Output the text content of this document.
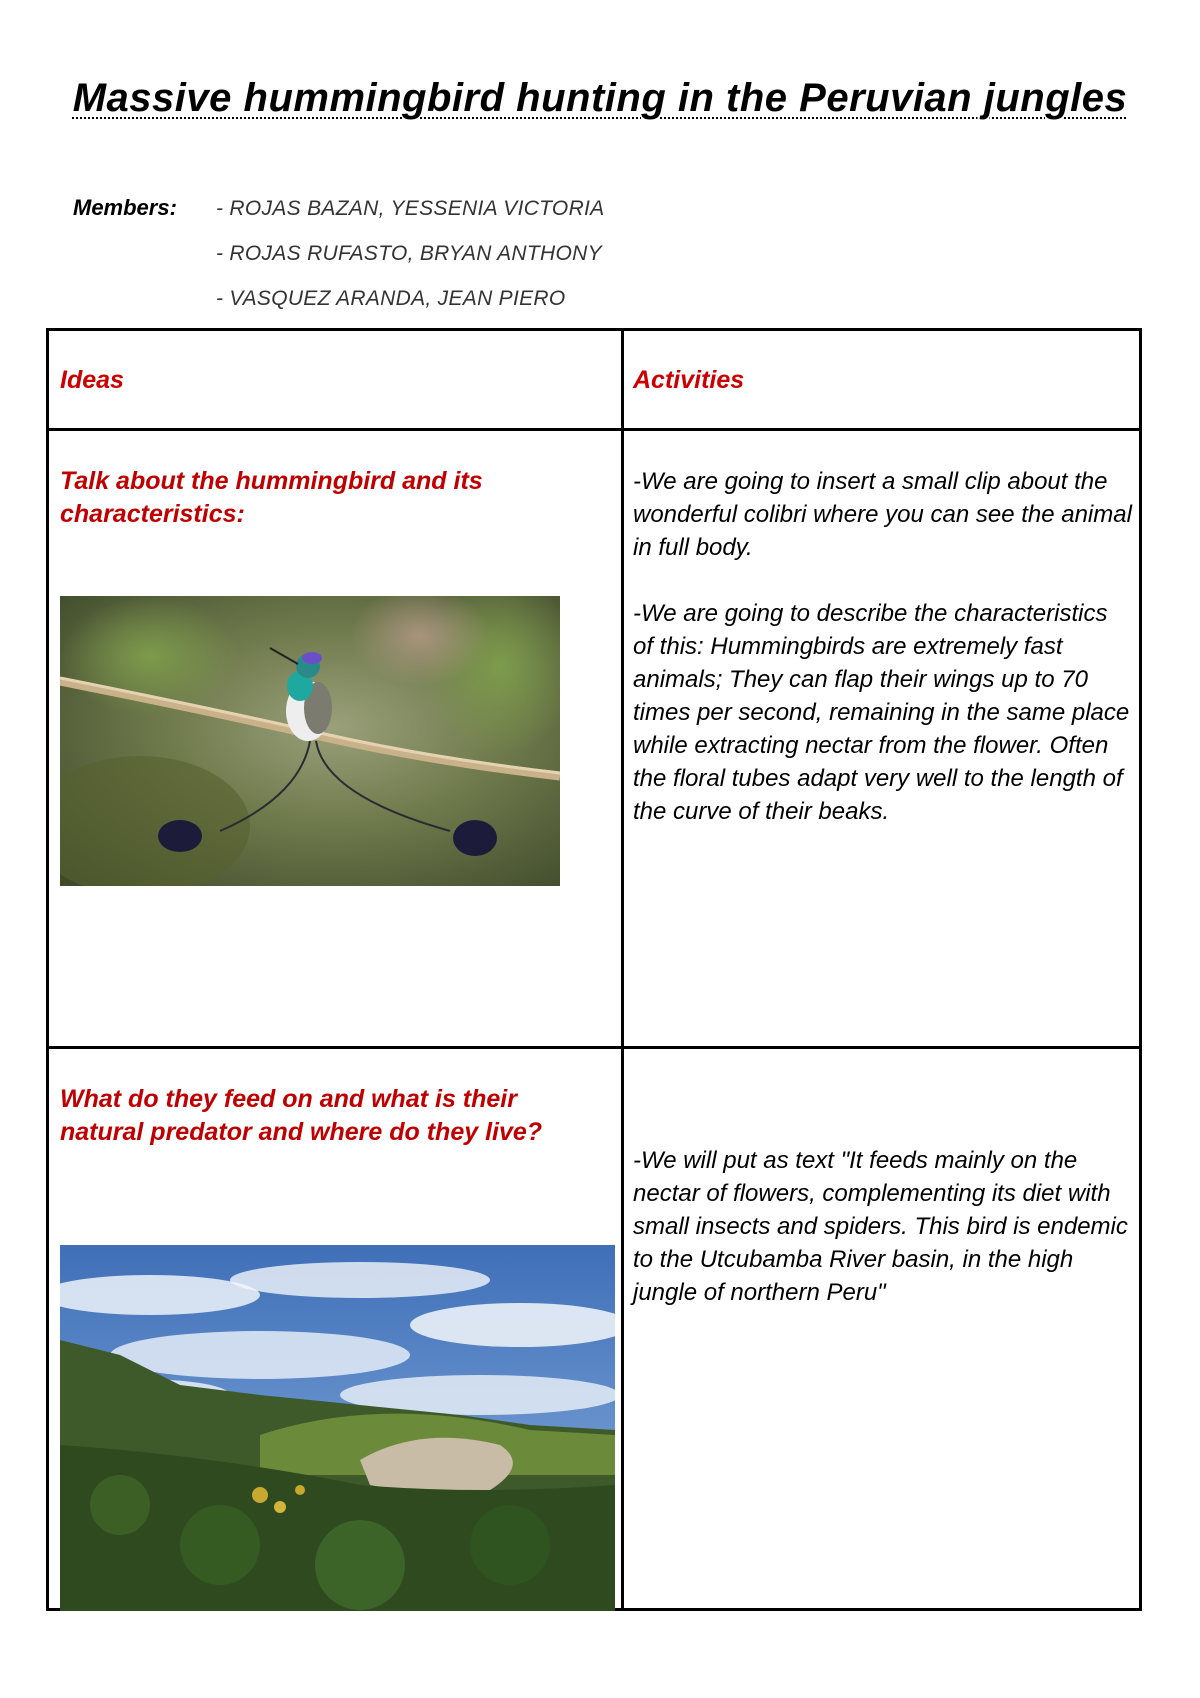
Massive hummingbird hunting in the Peruvian jungles
Members: - ROJAS BAZAN, YESSENIA VICTORIA
- ROJAS RUFASTO, BRYAN ANTHONY
- VASQUEZ ARANDA, JEAN PIERO
Ideas	Activities
Talk about the hummingbird and its characteristics:

-We are going to insert a small clip about the wonderful colibri where you can see the animal in full body.

-We are going to describe the characteristics of this: Hummingbirds are extremely fast animals; They can flap their wings up to 70 times per second, remaining in the same place while extracting nectar from the flower. Often the floral tubes adapt very well to the length of the curve of their beaks.

What do they feed on and what is their natural predator and where do they live?

-We will put as text "It feeds mainly on the nectar of flowers, complementing its diet with small insects and spiders. This bird is endemic to the Utcubamba River basin, in the high jungle of northern Peru"
